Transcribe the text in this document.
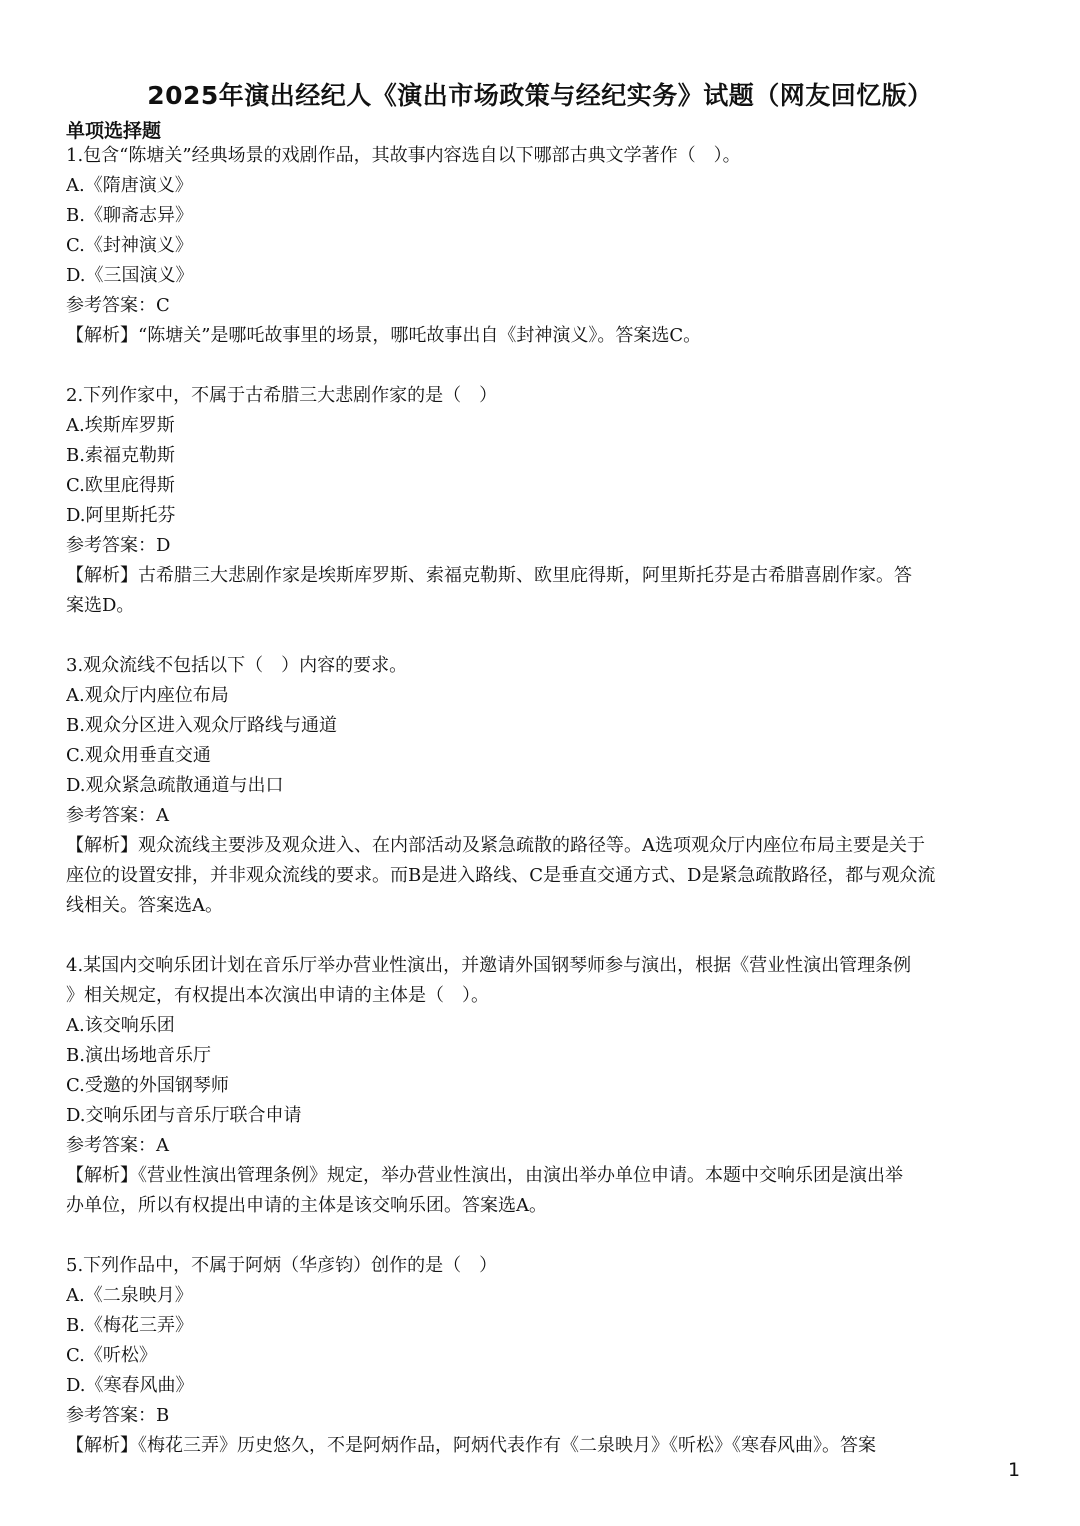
2025年演出经纪人《演出市场政策与经纪实务》试题（网友回忆版）
单项选择题
1.包含“陈塘关”经典场景的戏剧作品，其故事内容选自以下哪部古典文学著作（　）。
A.《隋唐演义》
B.《聊斋志异》
C.《封神演义》
D.《三国演义》
参考答案：C
【解析】“陈塘关”是哪吒故事里的场景，哪吒故事出自《封神演义》。答案选C。
2.下列作家中，不属于古希腊三大悲剧作家的是（　）
A.埃斯库罗斯
B.索福克勒斯
C.欧里庇得斯
D.阿里斯托芬
参考答案：D
【解析】古希腊三大悲剧作家是埃斯库罗斯、索福克勒斯、欧里庇得斯，阿里斯托芬是古希腊喜剧作家。答
案选D。
3.观众流线不包括以下（　）内容的要求。
A.观众厅内座位布局
B.观众分区进入观众厅路线与通道
C.观众用垂直交通
D.观众紧急疏散通道与出口
参考答案：A
【解析】观众流线主要涉及观众进入、在内部活动及紧急疏散的路径等。A选项观众厅内座位布局主要是关于
座位的设置安排，并非观众流线的要求。而B是进入路线、C是垂直交通方式、D是紧急疏散路径，都与观众流
线相关。答案选A。
4.某国内交响乐团计划在音乐厅举办营业性演出，并邀请外国钢琴师参与演出，根据《营业性演出管理条例
》相关规定，有权提出本次演出申请的主体是（　）。
A.该交响乐团
B.演出场地音乐厅
C.受邀的外国钢琴师
D.交响乐团与音乐厅联合申请
参考答案：A
【解析】《营业性演出管理条例》规定，举办营业性演出，由演出举办单位申请。本题中交响乐团是演出举
办单位，所以有权提出申请的主体是该交响乐团。答案选A。
5.下列作品中，不属于阿炳（华彦钧）创作的是（　）
A.《二泉映月》
B.《梅花三弄》
C.《听松》
D.《寒春风曲》
参考答案：B
【解析】《梅花三弄》历史悠久，不是阿炳作品，阿炳代表作有《二泉映月》《听松》《寒春风曲》。答案
1
